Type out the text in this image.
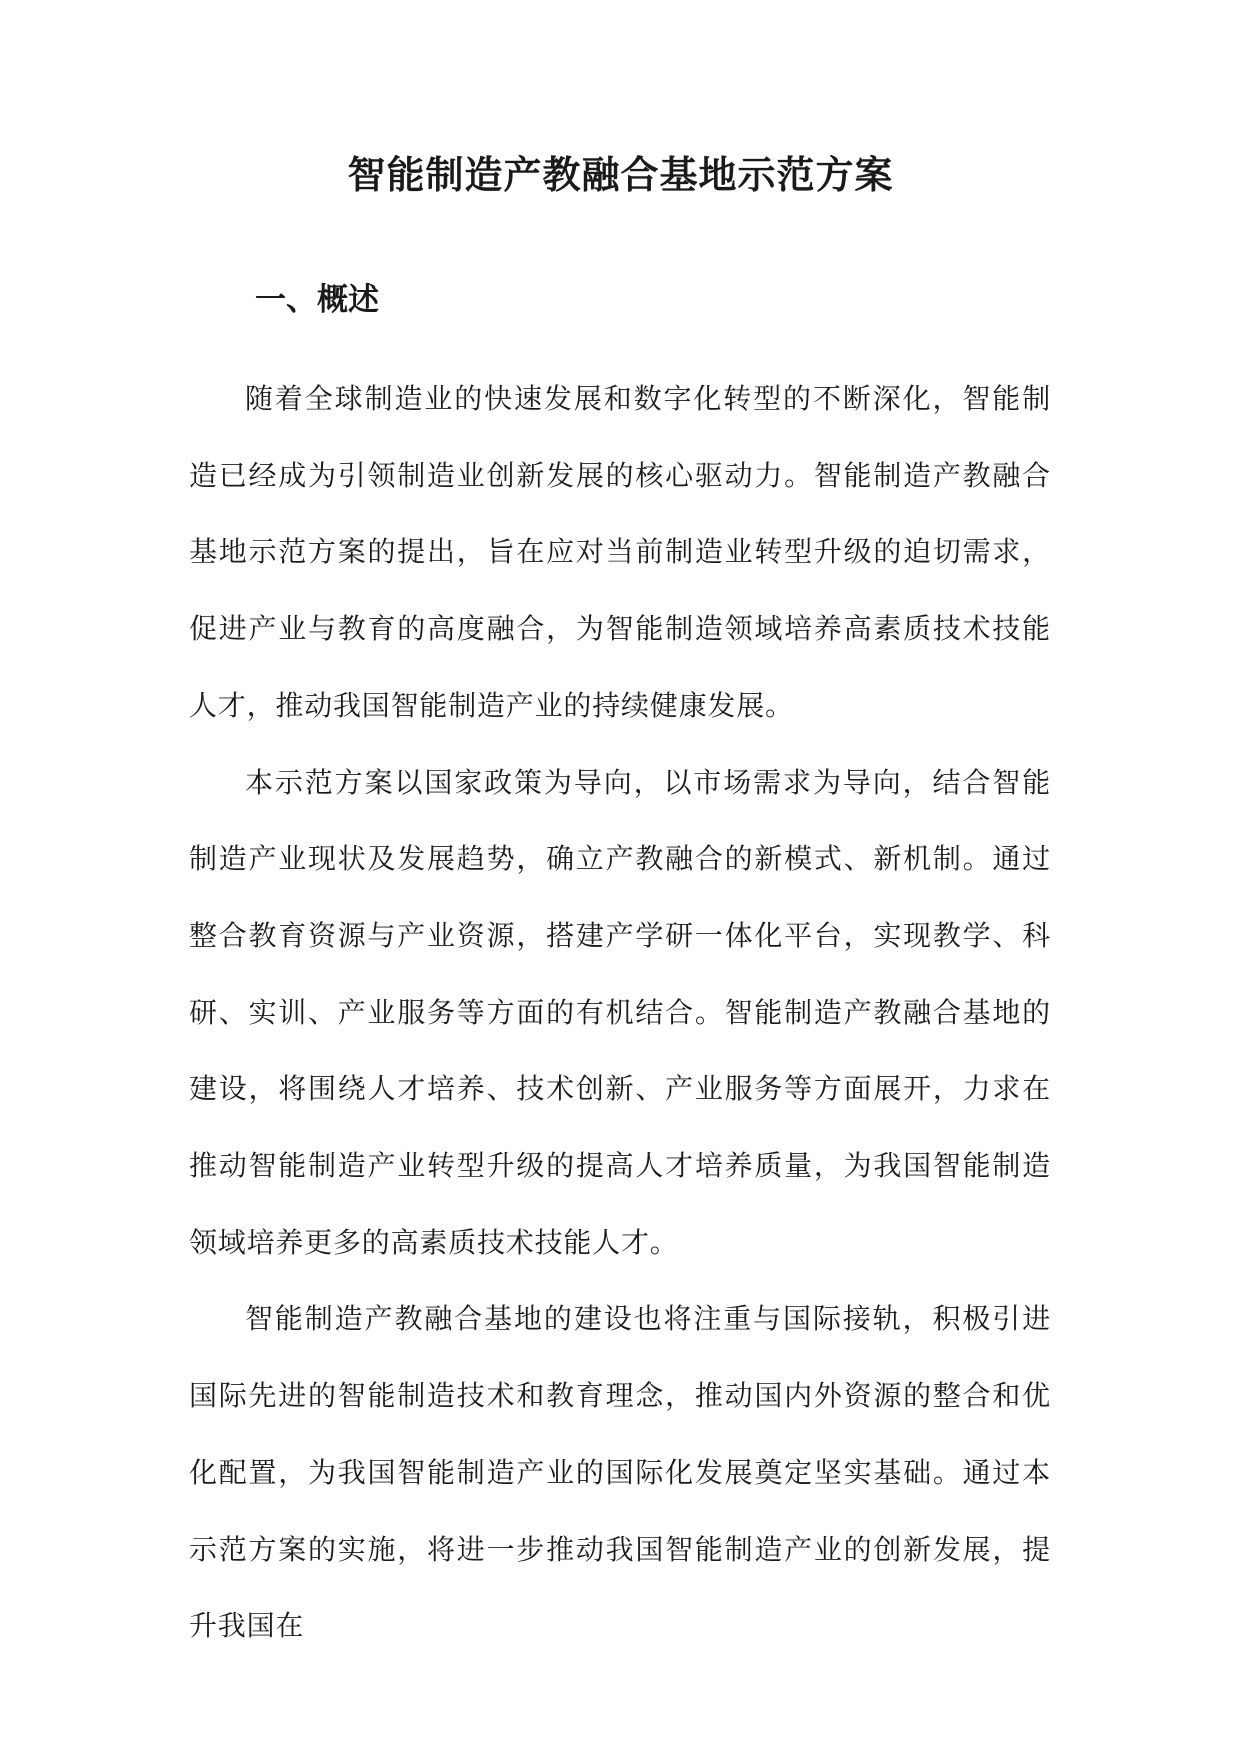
智能制造产教融合基地示范方案
一、概述

随着全球制造业的快速发展和数字化转型的不断深化，智能制造已经成为引领制造业创新发展的核心驱动力。智能制造产教融合基地示范方案的提出，旨在应对当前制造业转型升级的迫切需求，促进产业与教育的高度融合，为智能制造领域培养高素质技术技能人才，推动我国智能制造产业的持续健康发展。

本示范方案以国家政策为导向，以市场需求为导向，结合智能制造产业现状及发展趋势，确立产教融合的新模式、新机制。通过整合教育资源与产业资源，搭建产学研一体化平台，实现教学、科研、实训、产业服务等方面的有机结合。智能制造产教融合基地的建设，将围绕人才培养、技术创新、产业服务等方面展开，力求在推动智能制造产业转型升级的提高人才培养质量，为我国智能制造领域培养更多的高素质技术技能人才。

智能制造产教融合基地的建设也将注重与国际接轨，积极引进国际先进的智能制造技术和教育理念，推动国内外资源的整合和优化配置，为我国智能制造产业的国际化发展奠定坚实基础。通过本示范方案的实施，将进一步推动我国智能制造产业的创新发展，提升我国在
